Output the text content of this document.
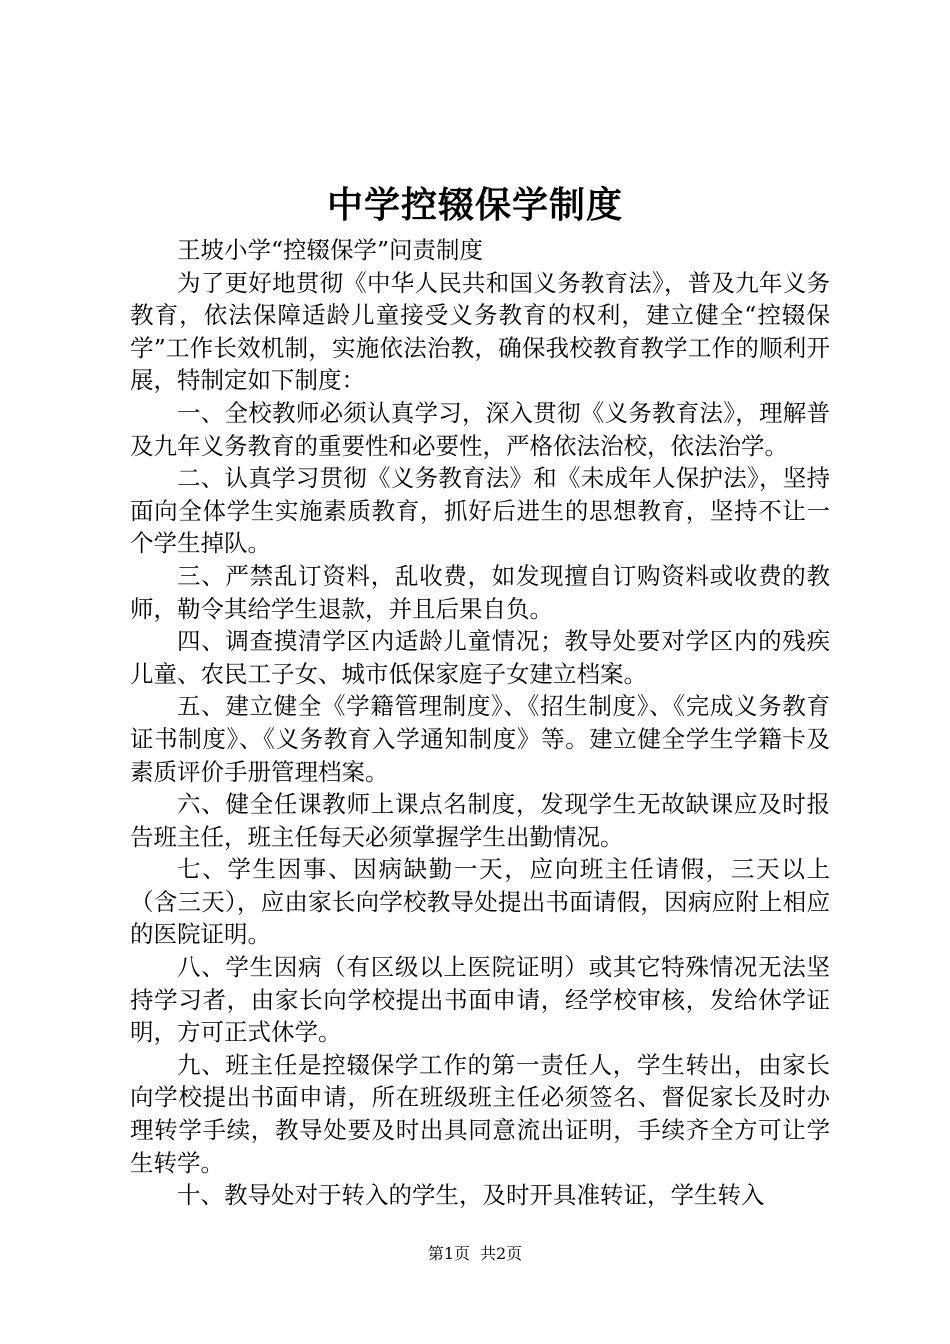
中学控辍保学制度

王坡小学“控辍保学”问责制度

为了更好地贯彻《中华人民共和国义务教育法》，普及九年义务教育，依法保障适龄儿童接受义务教育的权利，建立健全“控辍保学”工作长效机制，实施依法治教，确保我校教育教学工作的顺利开展，特制定如下制度：

一、全校教师必须认真学习，深入贯彻《义务教育法》，理解普及九年义务教育的重要性和必要性，严格依法治校，依法治学。

二、认真学习贯彻《义务教育法》和《未成年人保护法》，坚持面向全体学生实施素质教育，抓好后进生的思想教育，坚持不让一个学生掉队。

三、严禁乱订资料，乱收费，如发现擅自订购资料或收费的教师，勒令其给学生退款，并且后果自负。

四、调查摸清学区内适龄儿童情况；教导处要对学区内的残疾儿童、农民工子女、城市低保家庭子女建立档案。

五、建立健全《学籍管理制度》、《招生制度》、《完成义务教育证书制度》、《义务教育入学通知制度》等。建立健全学生学籍卡及素质评价手册管理档案。

六、健全任课教师上课点名制度，发现学生无故缺课应及时报告班主任，班主任每天必须掌握学生出勤情况。

七、学生因事、因病缺勤一天，应向班主任请假，三天以上（含三天），应由家长向学校教导处提出书面请假，因病应附上相应的医院证明。

八、学生因病（有区级以上医院证明）或其它特殊情况无法坚持学习者，由家长向学校提出书面申请，经学校审核，发给休学证明，方可正式休学。

九、班主任是控辍保学工作的第一责任人，学生转出，由家长向学校提出书面申请，所在班级班主任必须签名、督促家长及时办理转学手续，教导处要及时出具同意流出证明，手续齐全方可让学生转学。

十、教导处对于转入的学生，及时开具准转证，学生转入

第1页 共2页
